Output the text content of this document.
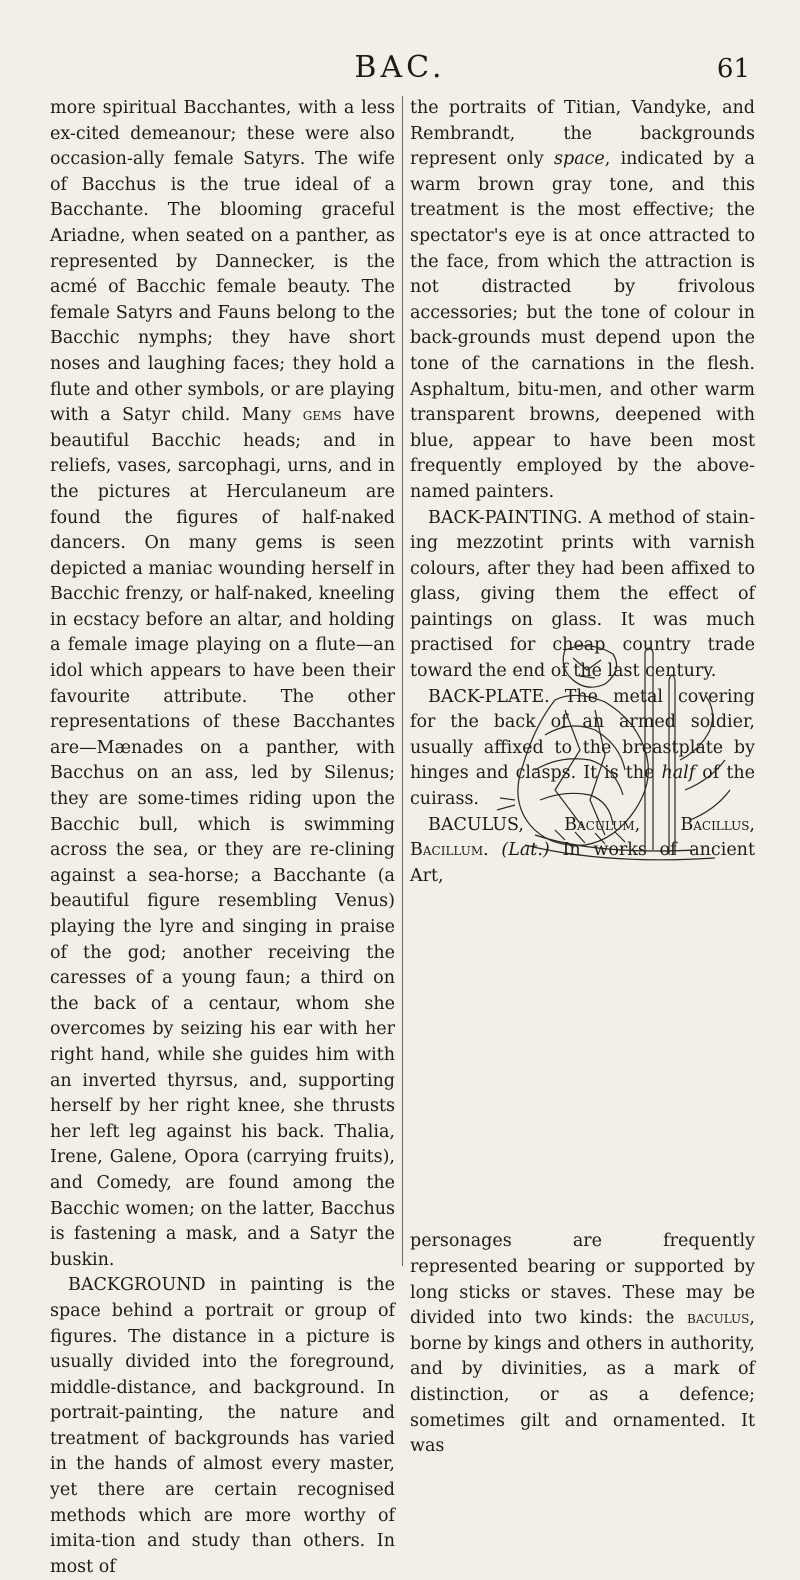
BAC.	61

more spiritual Bacchantes, with a less ex-cited demeanour; these were also occasion-ally female Satyrs. The wife of Bacchus is the true ideal of a Bacchante. The blooming graceful Ariadne, when seated on a panther, as represented by Dannecker, is the acmé of Bacchic female beauty. The female Satyrs and Fauns belong to the Bacchic nymphs; they have short noses and laughing faces; they hold a flute and other symbols, or are playing with a Satyr child. Many gems have beautiful Bacchic heads; and in reliefs, vases, sarcophagi, urns, and in the pictures at Herculaneum are found the figures of half-naked dancers. On many gems is seen depicted a maniac wounding herself in Bacchic frenzy, or half-naked, kneeling in ecstacy before an altar, and holding a female image playing on a flute—an idol which appears to have been their favourite attribute. The other representations of these Bacchantes are—Mænades on a panther, with Bacchus on an ass, led by Silenus; they are some-times riding upon the Bacchic bull, which is swimming across the sea, or they are re-clining against a sea-horse; a Bacchante (a beautiful figure resembling Venus) playing the lyre and singing in praise of the god; another receiving the caresses of a young faun; a third on the back of a centaur, whom she overcomes by seizing his ear with her right hand, while she guides him with an inverted thyrsus, and, supporting herself by her right knee, she thrusts her left leg against his back. Thalia, Irene, Galene, Opora (carrying fruits), and Comedy, are found among the Bacchic women; on the latter, Bacchus is fastening a mask, and a Satyr the buskin.

BACKGROUND in painting is the space behind a portrait or group of figures. The distance in a picture is usually divided into the foreground, middle-distance, and background. In portrait-painting, the nature and treatment of backgrounds has varied in the hands of almost every master, yet there are certain recognised methods which are more worthy of imita-tion and study than others. In most of

the portraits of Titian, Vandyke, and Rembrandt, the backgrounds represent only space, indicated by a warm brown gray tone, and this treatment is the most effective; the spectator's eye is at once attracted to the face, from which the attraction is not distracted by frivolous accessories; but the tone of colour in back-grounds must depend upon the tone of the carnations in the flesh. Asphaltum, bitu-men, and other warm transparent browns, deepened with blue, appear to have been most frequently employed by the above-named painters.

BACK-PAINTING. A method of stain-ing mezzotint prints with varnish colours, after they had been affixed to glass, giving them the effect of paintings on glass. It was much practised for cheap country trade toward the end of the last century.

BACK-PLATE. The metal covering for the back of an armed soldier, usually affixed to the breastplate by hinges and clasps. It is the half of the cuirass.

BACULUS, Baculum, Bacillus, Bacillum. (Lat.) In works of ancient Art,

personages are frequently represented bearing or supported by long sticks or staves. These may be divided into two kinds: the baculus, borne by kings and others in authority, and by divinities, as a mark of distinction, or as a defence; sometimes gilt and ornamented. It was
